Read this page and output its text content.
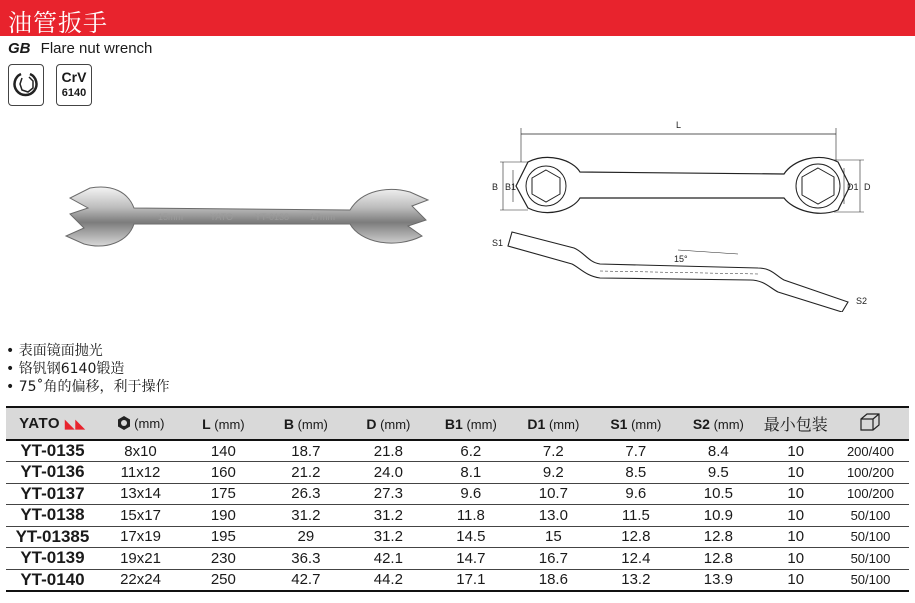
油管扳手
GB Flare nut wrench
CrV
6140
15mm	YATO YT-0138 17mm
L
B B1	D1 D
15°
S1
S2
• 表面镜面抛光
• 铬钒钢6140锻造
• 75˚角的偏移，利于操作
YATO ◣◣	(mm)	L (mm)	B (mm)	D (mm)	B1 (mm)	D1 (mm)	S1 (mm)	S2 (mm)	最小包装	
YT-0135	8x10	140	18.7	21.8	6.2	7.2	7.7	8.4	10	200/400
YT-0136	11x12	160	21.2	24.0	8.1	9.2	8.5	9.5	10	100/200
YT-0137	13x14	175	26.3	27.3	9.6	10.7	9.6	10.5	10	100/200
YT-0138	15x17	190	31.2	31.2	11.8	13.0	11.5	10.9	10	50/100
YT-01385	17x19	195	29	31.2	14.5	15	12.8	12.8	10	50/100
YT-0139	19x21	230	36.3	42.1	14.7	16.7	12.4	12.8	10	50/100
YT-0140	22x24	250	42.7	44.2	17.1	18.6	13.2	13.9	10	50/100
